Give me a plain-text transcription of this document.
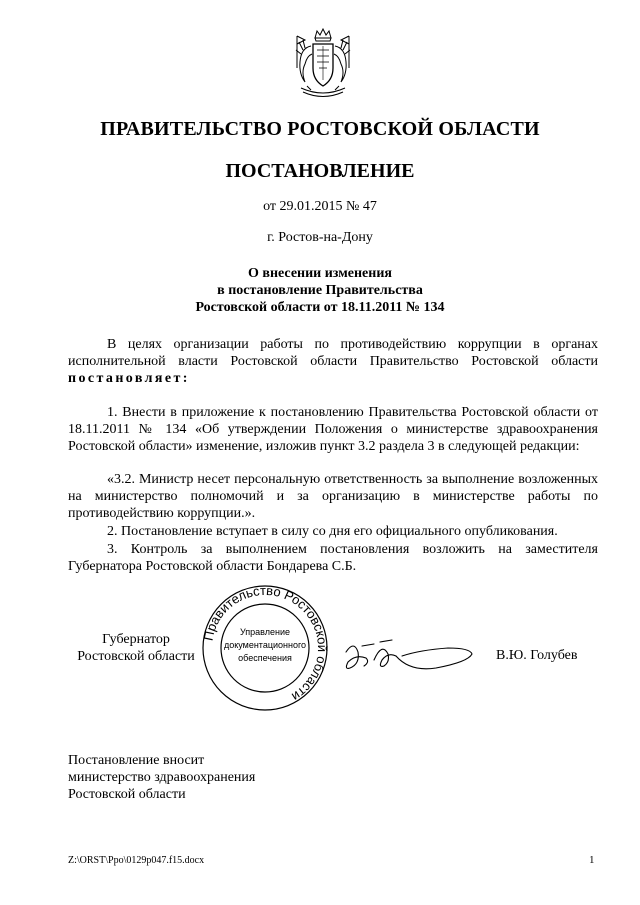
ПРАВИТЕЛЬСТВО РОСТОВСКОЙ ОБЛАСТИ
ПОСТАНОВЛЕНИЕ
от 29.01.2015 № 47
г. Ростов-на-Дону
О внесении изменения
в постановление Правительства
Ростовской области от 18.11.2011 № 134
В целях организации работы по противодействию коррупции в органах исполнительной власти Ростовской области Правительство Ростовской области постановляет:
1. Внести в приложение к постановлению Правительства Ростовской области от 18.11.2011 № 134 «Об утверждении Положения о министерстве здравоохранения Ростовской области» изменение, изложив пункт 3.2 раздела 3 в следующей редакции:
«3.2. Министр несет персональную ответственность за выполнение возложенных на министерство полномочий и за организацию в министерстве работы по противодействию коррупции.».
2. Постановление вступает в силу со дня его официального опубликования.
3. Контроль за выполнением постановления возложить на заместителя Губернатора Ростовской области Бондарева С.Б.
Губернатор
Ростовской области
Правительство Ростовской области
Управление
документационного
обеспечения	В.Ю. Голубев
Постановление вносит
министерство здравоохранения
Ростовской области
Z:\ORST\Ppo\0129p047.f15.docx	1
